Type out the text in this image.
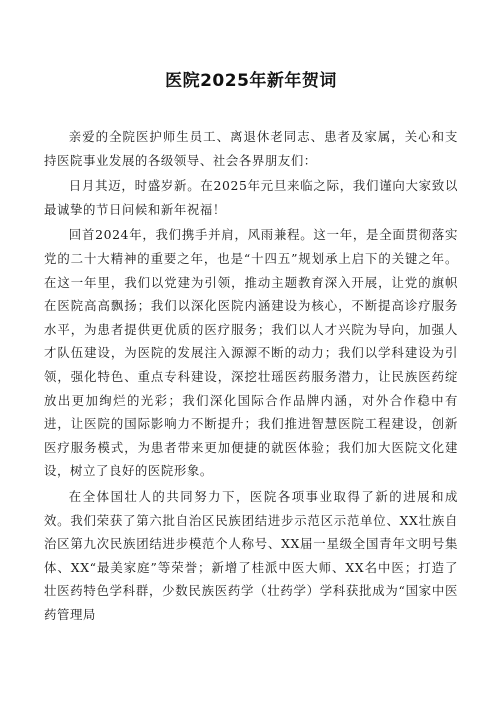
医院2025年新年贺词

亲爱的全院医护师生员工、离退休老同志、患者及家属，关心和支持医院事业发展的各级领导、社会各界朋友们：

日月其迈，时盛岁新。在2025年元旦来临之际，我们谨向大家致以最诚挚的节日问候和新年祝福！

回首2024年，我们携手并肩，风雨兼程。这一年，是全面贯彻落实党的二十大精神的重要之年，也是“十四五”规划承上启下的关键之年。在这一年里，我们以党建为引领，推动主题教育深入开展，让党的旗帜在医院高高飘扬；我们以深化医院内涵建设为核心，不断提高诊疗服务水平，为患者提供更优质的医疗服务；我们以人才兴院为导向，加强人才队伍建设，为医院的发展注入源源不断的动力；我们以学科建设为引领，强化特色、重点专科建设，深挖壮瑶医药服务潜力，让民族医药绽放出更加绚烂的光彩；我们深化国际合作品牌内涵，对外合作稳中有进，让医院的国际影响力不断提升；我们推进智慧医院工程建设，创新医疗服务模式，为患者带来更加便捷的就医体验；我们加大医院文化建设，树立了良好的医院形象。

在全体国壮人的共同努力下，医院各项事业取得了新的进展和成效。我们荣获了第六批自治区民族团结进步示范区示范单位、XX壮族自治区第九次民族团结进步模范个人称号、XX届一星级全国青年文明号集体、XX“最美家庭”等荣誉；新增了桂派中医大师、XX名中医；打造了壮医药特色学科群，少数民族医药学（壮药学）学科获批成为“国家中医药管理局
